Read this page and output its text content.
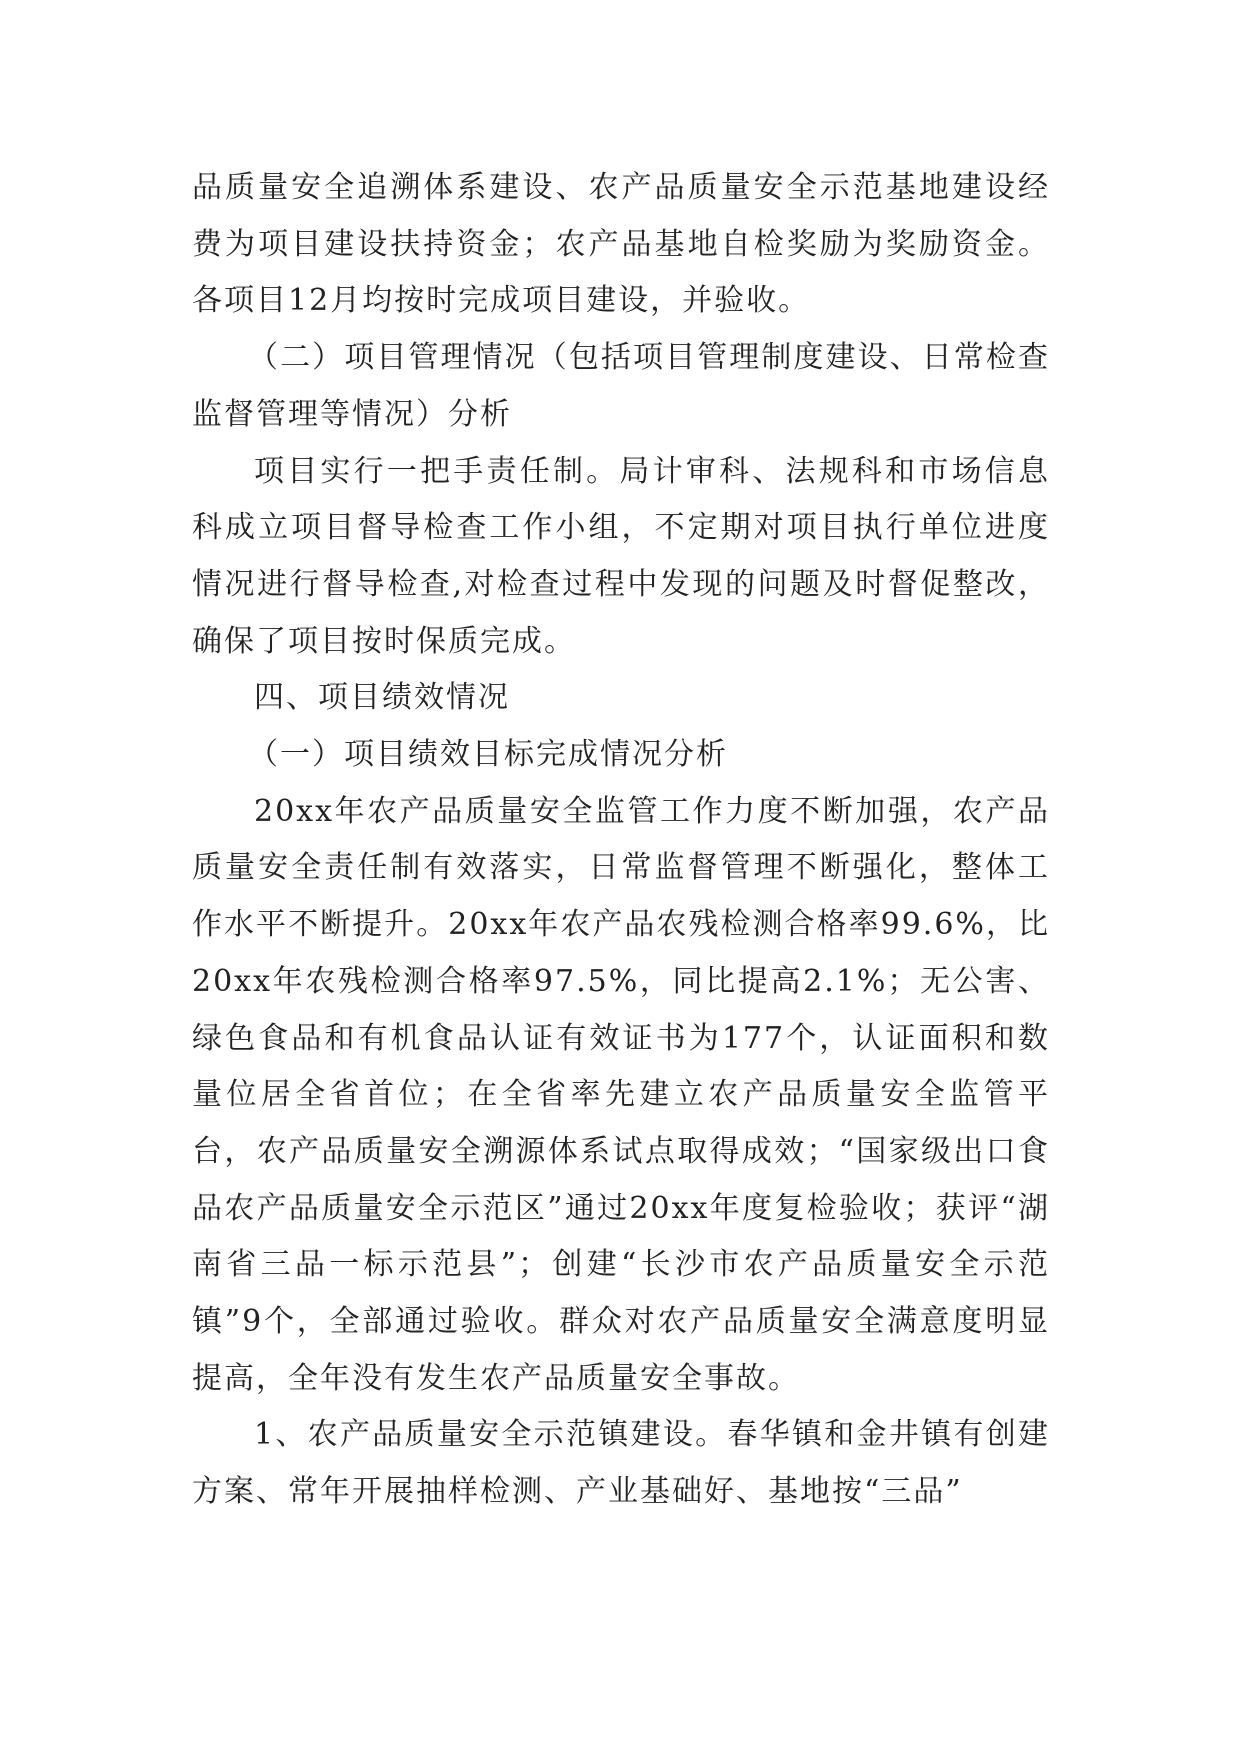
品质量安全追溯体系建设、农产品质量安全示范基地建设经费为项目建设扶持资金；农产品基地自检奖励为奖励资金。各项目12月均按时完成项目建设，并验收。

（二）项目管理情况（包括项目管理制度建设、日常检查监督管理等情况）分析

项目实行一把手责任制。局计审科、法规科和市场信息科成立项目督导检查工作小组，不定期对项目执行单位进度情况进行督导检查,对检查过程中发现的问题及时督促整改，确保了项目按时保质完成。

四、项目绩效情况

（一）项目绩效目标完成情况分析

20xx年农产品质量安全监管工作力度不断加强，农产品质量安全责任制有效落实，日常监督管理不断强化，整体工作水平不断提升。20xx年农产品农残检测合格率99.6%，比20xx年农残检测合格率97.5%，同比提高2.1%；无公害、绿色食品和有机食品认证有效证书为177个，认证面积和数量位居全省首位；在全省率先建立农产品质量安全监管平台，农产品质量安全溯源体系试点取得成效；“国家级出口食品农产品质量安全示范区”通过20xx年度复检验收；获评“湖南省三品一标示范县”；创建“长沙市农产品质量安全示范镇”9个，全部通过验收。群众对农产品质量安全满意度明显提高，全年没有发生农产品质量安全事故。

1、农产品质量安全示范镇建设。春华镇和金井镇有创建方案、常年开展抽样检测、产业基础好、基地按“三品”
